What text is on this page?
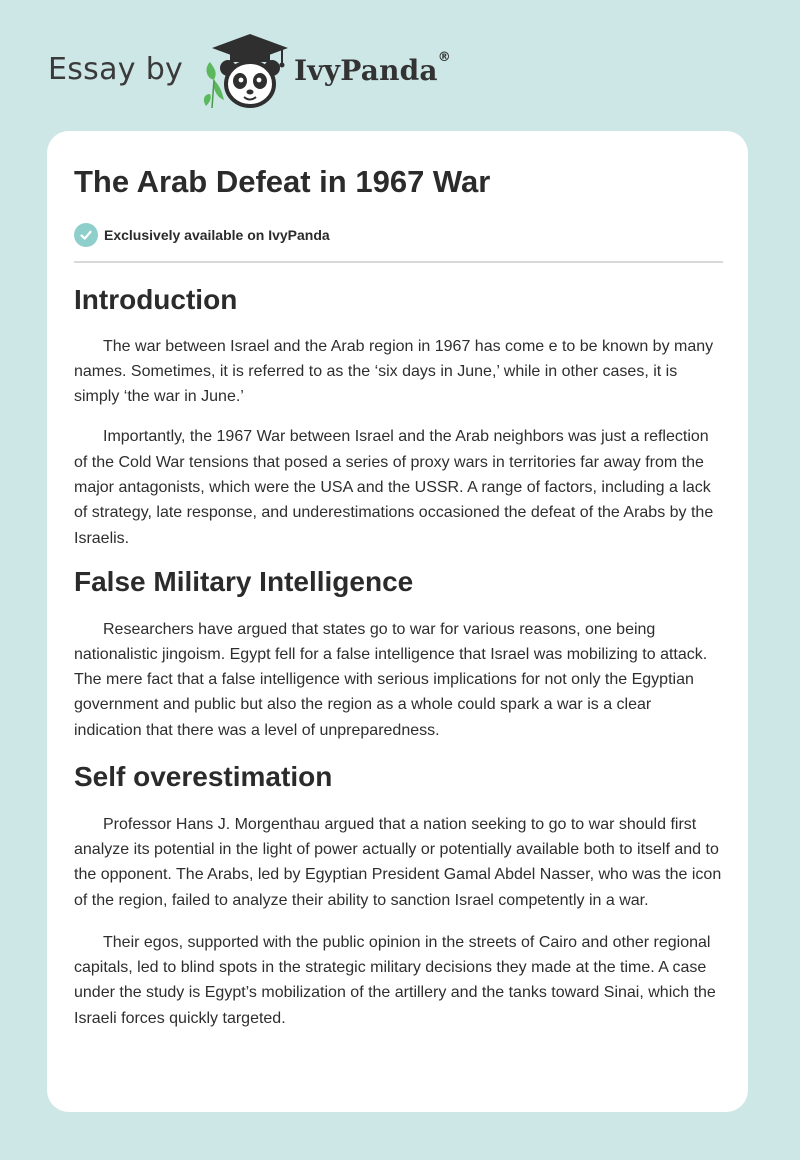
Essay by	IvyPanda®
The Arab Defeat in 1967 War
Exclusively available on IvyPanda
Introduction

The war between Israel and the Arab region in 1967 has come e to be known by many names. Sometimes, it is referred to as the ‘six days in June,’ while in other cases, it is simply ‘the war in June.’

Importantly, the 1967 War between Israel and the Arab neighbors was just a reflection of the Cold War tensions that posed a series of proxy wars in territories far away from the major antagonists, which were the USA and the USSR. A range of factors, including a lack of strategy, late response, and underestimations occasioned the defeat of the Arabs by the Israelis.

False Military Intelligence

Researchers have argued that states go to war for various reasons, one being nationalistic jingoism. Egypt fell for a false intelligence that Israel was mobilizing to attack. The mere fact that a false intelligence with serious implications for not only the Egyptian government and public but also the region as a whole could spark a war is a clear indication that there was a level of unpreparedness.

Self overestimation

Professor Hans J. Morgenthau argued that a nation seeking to go to war should first analyze its potential in the light of power actually or potentially available both to itself and to the opponent. The Arabs, led by Egyptian President Gamal Abdel Nasser, who was the icon of the region, failed to analyze their ability to sanction Israel competently in a war.

Their egos, supported with the public opinion in the streets of Cairo and other regional capitals, led to blind spots in the strategic military decisions they made at the time. A case under the study is Egypt’s mobilization of the artillery and the tanks toward Sinai, which the Israeli forces quickly targeted.
